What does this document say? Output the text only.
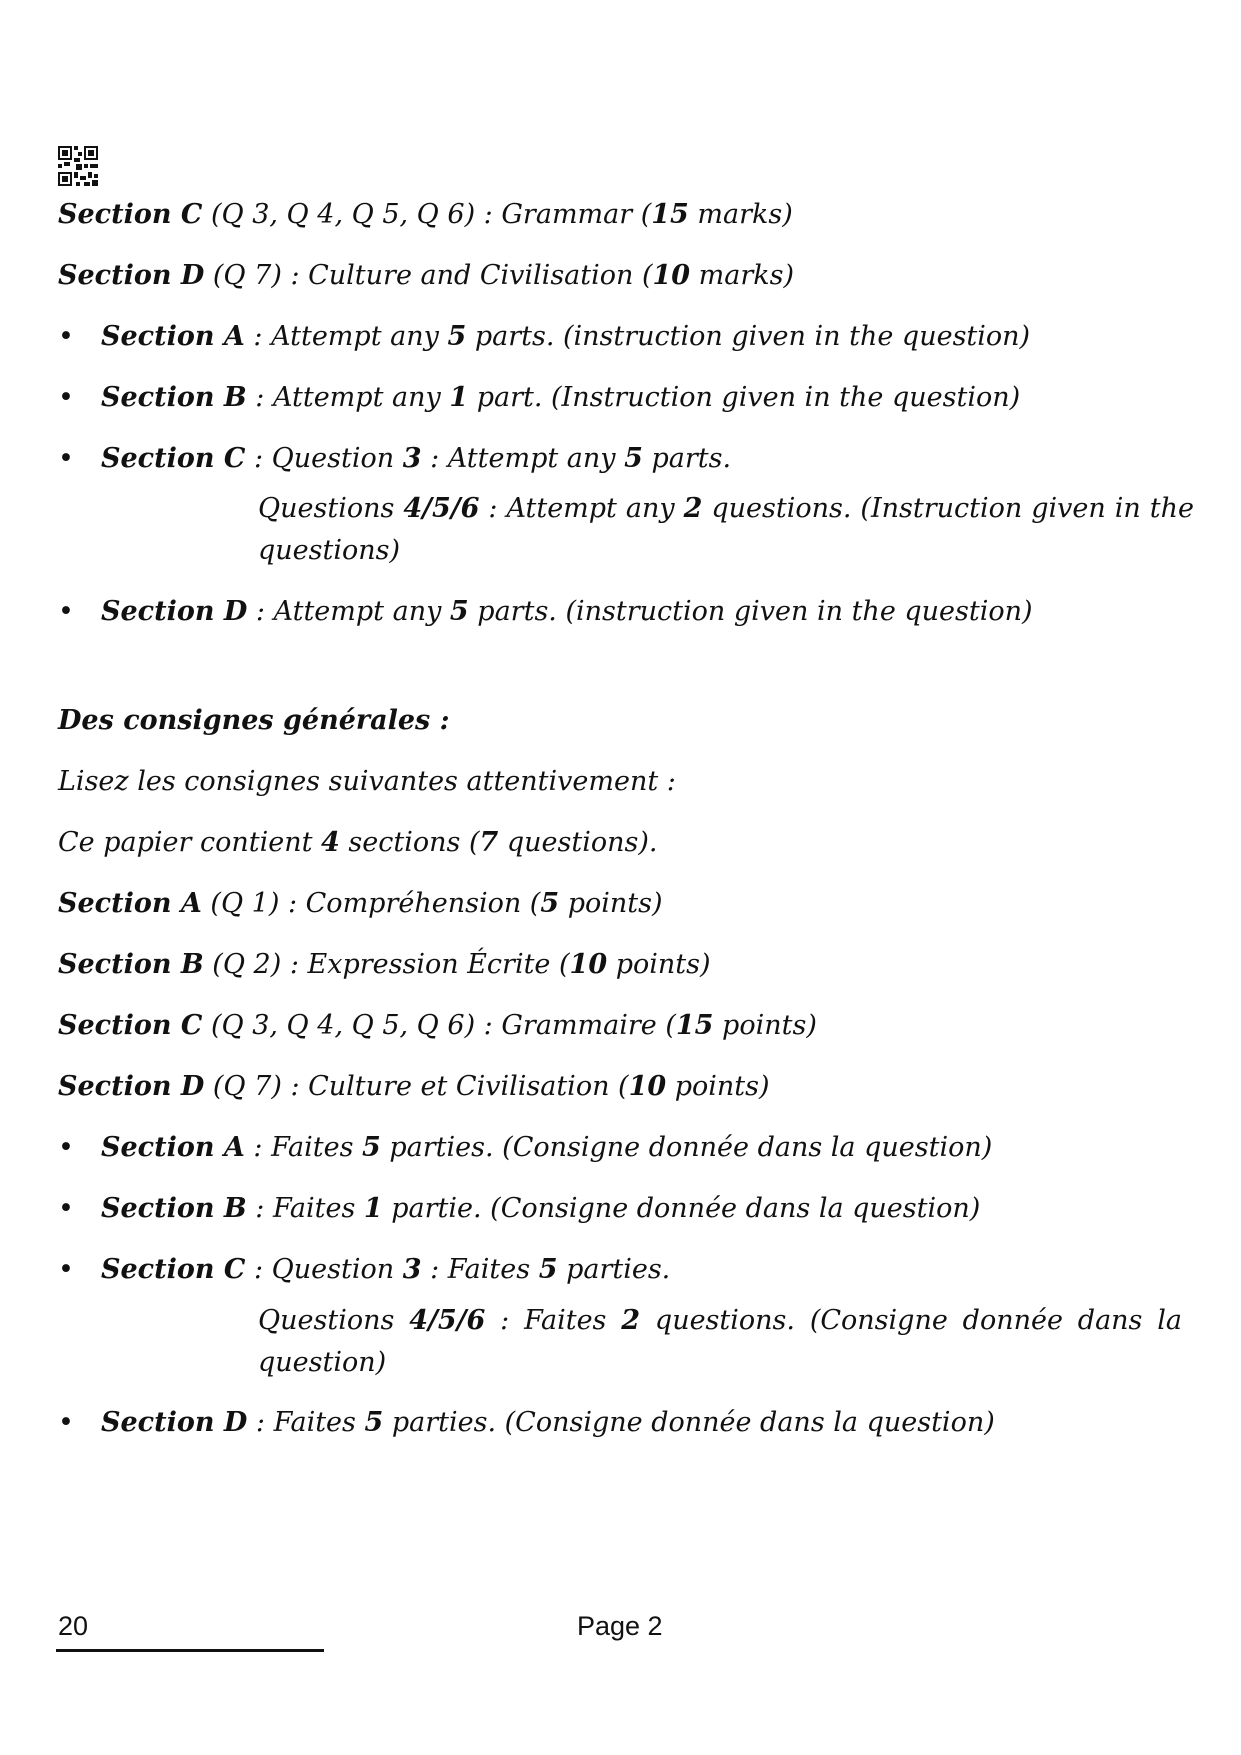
Section C (Q 3, Q 4, Q 5, Q 6) : Grammar (15 marks)
Section D (Q 7) : Culture and Civilisation (10 marks)
• Section A : Attempt any 5 parts. (instruction given in the question)
• Section B : Attempt any 1 part. (Instruction given in the question)
• Section C : Question 3 : Attempt any 5 parts.
Questions 4/5/6 : Attempt any 2 questions. (Instruction given in the questions)
• Section D : Attempt any 5 parts. (instruction given in the question)
Des consignes générales :
Lisez les consignes suivantes attentivement :
Ce papier contient 4 sections (7 questions).
Section A (Q 1) : Compréhension (5 points)
Section B (Q 2) : Expression Écrite (10 points)
Section C (Q 3, Q 4, Q 5, Q 6) : Grammaire (15 points)
Section D (Q 7) : Culture et Civilisation (10 points)
• Section A : Faites 5 parties. (Consigne donnée dans la question)
• Section B : Faites 1 partie. (Consigne donnée dans la question)
• Section C : Question 3 : Faites 5 parties.
Questions 4/5/6 : Faites 2 questions. (Consigne donnée dans la question)
• Section D : Faites 5 parties. (Consigne donnée dans la question)
20	Page 2
